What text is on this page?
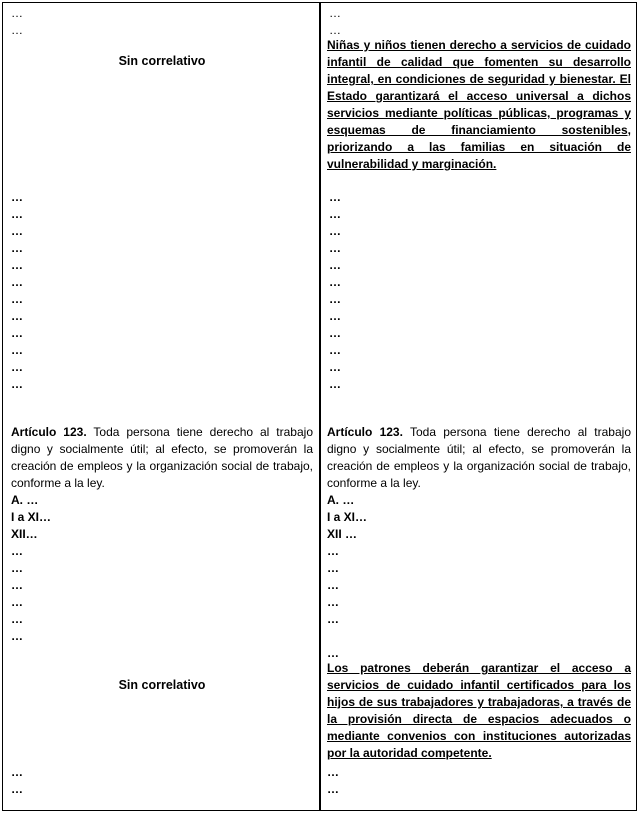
…
…
Sin correlativo
…
…
…
…
…
…
…
…
…
…
…
…
Artículo 123. Toda persona tiene derecho al trabajo digno y socialmente útil; al efecto, se promoverán la creación de empleos y la organización social de trabajo, conforme a la ley.
A. …
I a XI…
XII…
…
…
…
…
…
…
Sin correlativo
…
…
…
…
Niñas y niños tienen derecho a servicios de cuidado infantil de calidad que fomenten su desarrollo integral, en condiciones de seguridad y bienestar. El Estado garantizará el acceso universal a dichos servicios mediante políticas públicas, programas y esquemas de financiamiento sostenibles, priorizando a las familias en situación de vulnerabilidad y marginación.
…
…
…
…
…
…
…
…
…
…
…
…
Artículo 123. Toda persona tiene derecho al trabajo digno y socialmente útil; al efecto, se promoverán la creación de empleos y la organización social de trabajo, conforme a la ley.
A. …
I a XI…
XII …
…
…
…
…
…
…
Los patrones deberán garantizar el acceso a servicios de cuidado infantil certificados para los hijos de sus trabajadores y trabajadoras, a través de la provisión directa de espacios adecuados o mediante convenios con instituciones autorizadas por la autoridad competente.
…
…
